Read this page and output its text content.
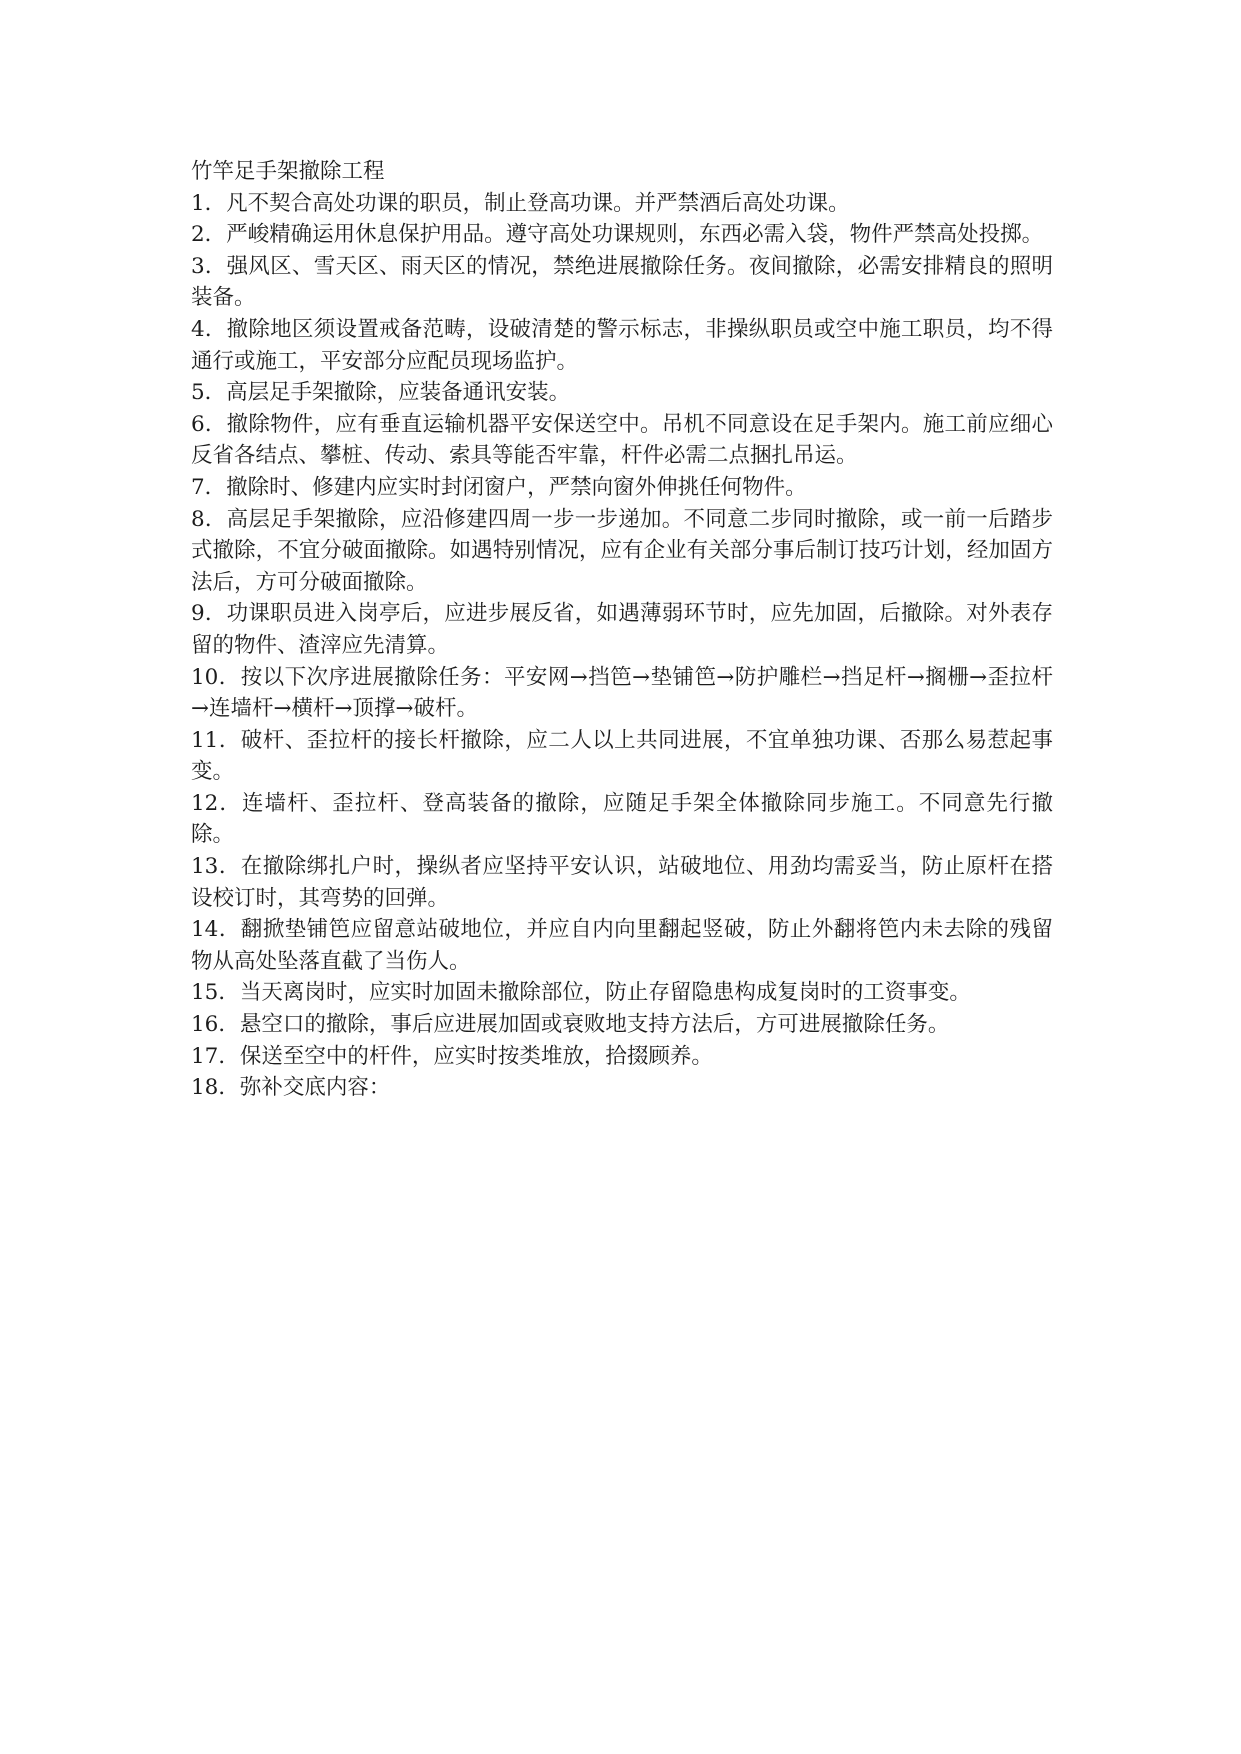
竹竿足手架撤除工程

1．凡不契合高处功课的职员，制止登高功课。并严禁酒后高处功课。

2．严峻精确运用休息保护用品。遵守高处功课规则，东西必需入袋，物件严禁高处投掷。

3．强风区、雪天区、雨天区的情况，禁绝进展撤除任务。夜间撤除，必需安排精良的照明装备。

4．撤除地区须设置戒备范畴，设破清楚的警示标志，非操纵职员或空中施工职员，均不得通行或施工，平安部分应配员现场监护。

5．高层足手架撤除，应装备通讯安装。

6．撤除物件，应有垂直运输机器平安保送空中。吊机不同意设在足手架内。施工前应细心反省各结点、攀桩、传动、索具等能否牢靠，杆件必需二点捆扎吊运。

7．撤除时、修建内应实时封闭窗户，严禁向窗外伸挑任何物件。

8．高层足手架撤除，应沿修建四周一步一步递加。不同意二步同时撤除，或一前一后踏步式撤除，不宜分破面撤除。如遇特别情况，应有企业有关部分事后制订技巧计划，经加固方法后，方可分破面撤除。

9．功课职员进入岗亭后，应进步展反省，如遇薄弱环节时，应先加固，后撤除。对外表存留的物件、渣滓应先清算。

10．按以下次序进展撤除任务：平安网→挡笆→垫铺笆→防护雕栏→挡足杆→搁栅→歪拉杆→连墙杆→横杆→顶撑→破杆。

11．破杆、歪拉杆的接长杆撤除，应二人以上共同进展，不宜单独功课、否那么易惹起事变。

12．连墙杆、歪拉杆、登高装备的撤除，应随足手架全体撤除同步施工。不同意先行撤除。

13．在撤除绑扎户时，操纵者应坚持平安认识，站破地位、用劲均需妥当，防止原杆在搭设校订时，其弯势的回弹。

14．翻掀垫铺笆应留意站破地位，并应自内向里翻起竖破，防止外翻将笆内未去除的残留物从高处坠落直截了当伤人。

15．当天离岗时，应实时加固未撤除部位，防止存留隐患构成复岗时的工资事变。

16．悬空口的撤除，事后应进展加固或衰败地支持方法后，方可进展撤除任务。

17．保送至空中的杆件，应实时按类堆放，拾掇顾养。

18．弥补交底内容：
